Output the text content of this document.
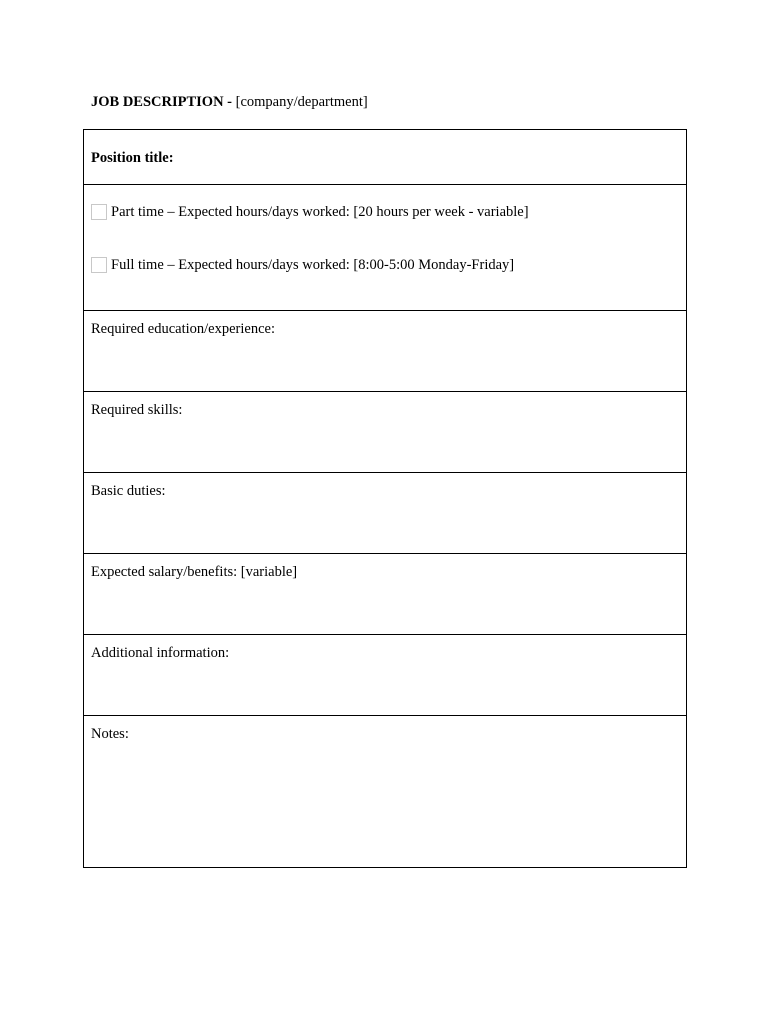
JOB DESCRIPTION - [company/department]
Position title:
Part time – Expected hours/days worked: [20 hours per week - variable]
Full time – Expected hours/days worked: [8:00-5:00 Monday-Friday]
Required education/experience:
Required skills:
Basic duties:
Expected salary/benefits: [variable]
Additional information:
Notes:
